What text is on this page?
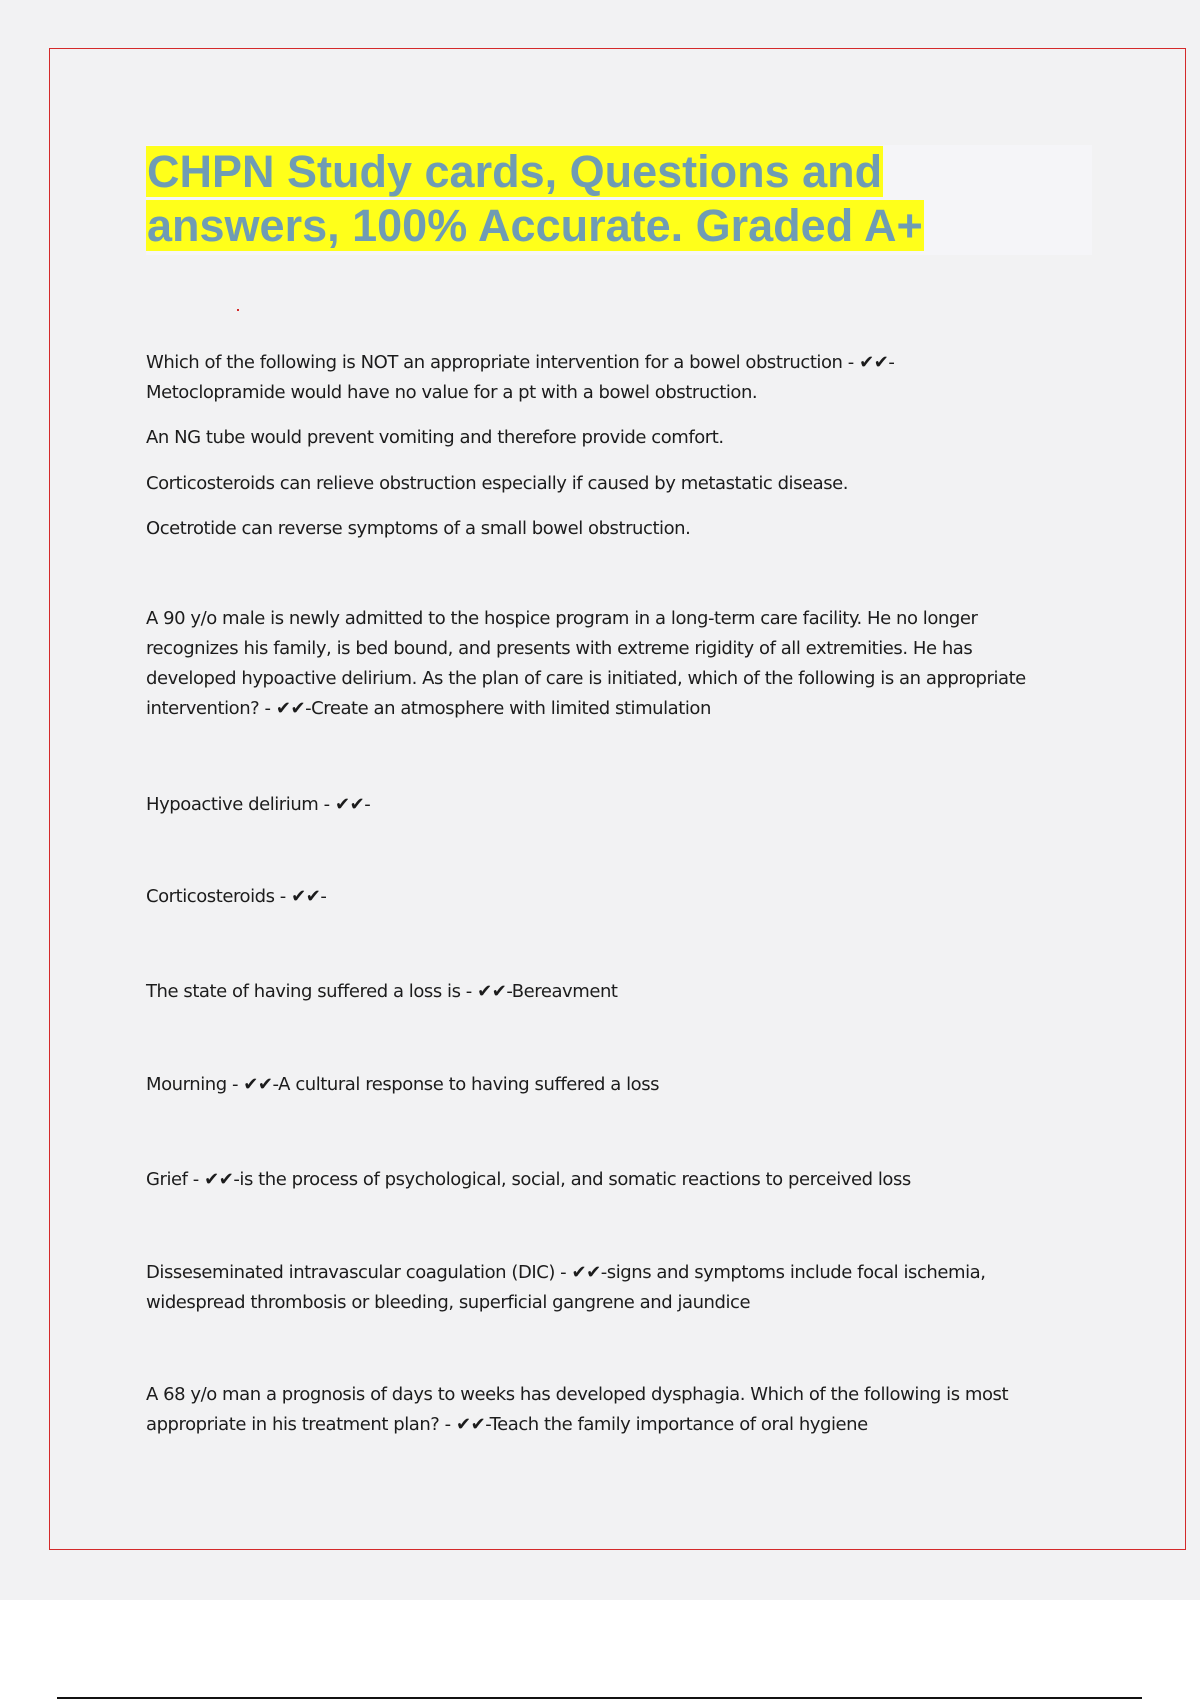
CHPN Study cards, Questions and
answers, 100% Accurate. Graded A+

Which of the following is NOT an appropriate intervention for a bowel obstruction - ✔✔-

Metoclopramide would have no value for a pt with a bowel obstruction.

An NG tube would prevent vomiting and therefore provide comfort.

Corticosteroids can relieve obstruction especially if caused by metastatic disease.

Ocetrotide can reverse symptoms of a small bowel obstruction.

A 90 y/o male is newly admitted to the hospice program in a long-term care facility. He no longer

recognizes his family, is bed bound, and presents with extreme rigidity of all extremities. He has

developed hypoactive delirium. As the plan of care is initiated, which of the following is an appropriate

intervention? - ✔✔-Create an atmosphere with limited stimulation

Hypoactive delirium - ✔✔-

Corticosteroids - ✔✔-

The state of having suffered a loss is - ✔✔-Bereavment

Mourning - ✔✔-A cultural response to having suffered a loss

Grief - ✔✔-is the process of psychological, social, and somatic reactions to perceived loss

Disseseminated intravascular coagulation (DIC) - ✔✔-signs and symptoms include focal ischemia,

widespread thrombosis or bleeding, superficial gangrene and jaundice

A 68 y/o man a prognosis of days to weeks has developed dysphagia. Which of the following is most

appropriate in his treatment plan? - ✔✔-Teach the family importance of oral hygiene
